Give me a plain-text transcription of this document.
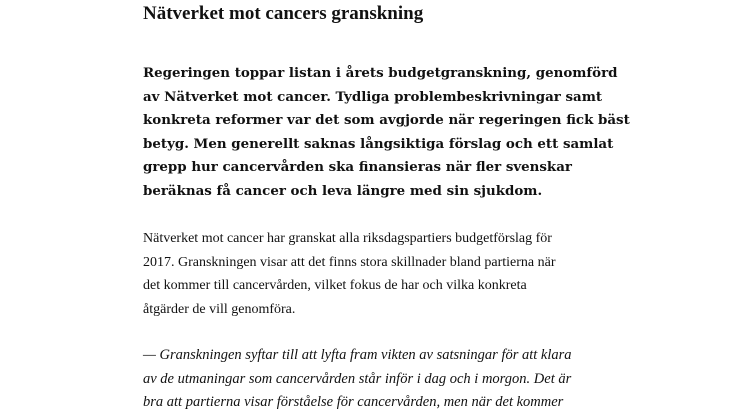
Nätverket mot cancers granskning

Regeringen toppar listan i årets budgetgranskning, genomförd
av Nätverket mot cancer. Tydliga problembeskrivningar samt
konkreta reformer var det som avgjorde när regeringen fick bäst
betyg. Men generellt saknas långsiktiga förslag och ett samlat
grepp hur cancervården ska finansieras när fler svenskar
beräknas få cancer och leva längre med sin sjukdom.

Nätverket mot cancer har granskat alla riksdagspartiers budgetförslag för
2017. Granskningen visar att det finns stora skillnader bland partierna när
det kommer till cancervården, vilket fokus de har och vilka konkreta
åtgärder de vill genomföra.

— Granskningen syftar till att lyfta fram vikten av satsningar för att klara
av de utmaningar som cancervården står inför i dag och i morgon. Det är
bra att partierna visar förståelse för cancervården, men när det kommer
